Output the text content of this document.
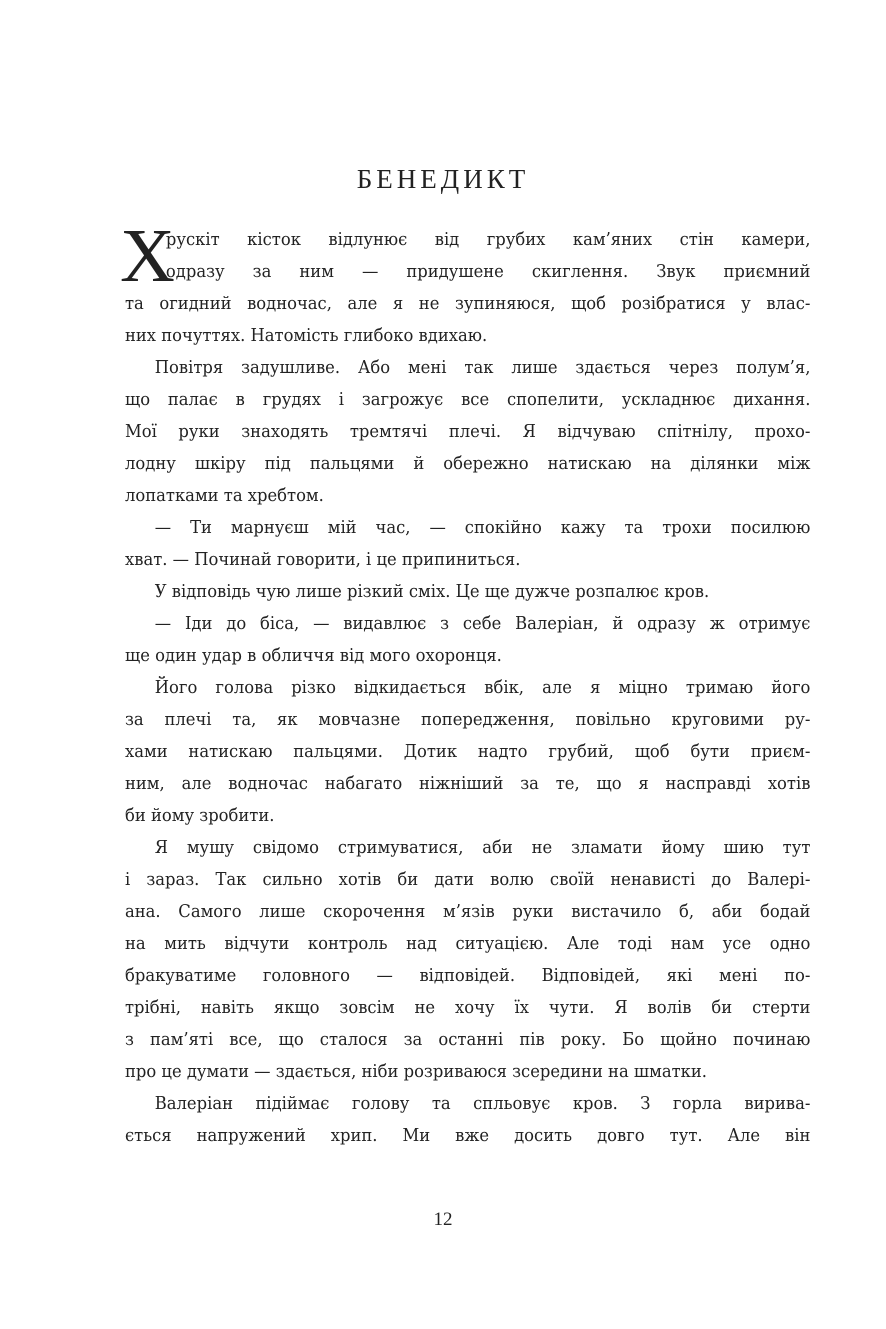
БЕНЕДИКТ
Х
рускіт кісток відлунює від грубих кам’яних стін камери,
одразу за ним — придушене скиглення. Звук приємний
та огидний водночас, але я не зупиняюся, щоб розібратися у влас-
них почуттях. Натомість глибоко вдихаю.
Повітря задушливе. Або мені так лише здається через полум’я,
що палає в грудях і загрожує все спопелити, ускладнює дихання.
Мої руки знаходять тремтячі плечі. Я відчуваю спітнілу, прохо-
лодну шкіру під пальцями й обережно натискаю на ділянки між
лопатками та хребтом.
— Ти марнуєш мій час, — спокійно кажу та трохи посилюю
хват. — Починай говорити, і це припиниться.
У відповідь чую лише різкий сміх. Це ще дужче розпалює кров.
— Іди до біса, — видавлює з себе Валеріан, й одразу ж отримує
ще один удар в обличчя від мого охоронця.
Його голова різко відкидається вбік, але я міцно тримаю його
за плечі та, як мовчазне попередження, повільно круговими ру-
хами натискаю пальцями. Дотик надто грубий, щоб бути приєм-
ним, але водночас набагато ніжніший за те, що я насправді хотів
би йому зробити.
Я мушу свідомо стримуватися, аби не зламати йому шию тут
і зараз. Так сильно хотів би дати волю своїй ненависті до Валері-
ана. Самого лише скорочення м’язів руки вистачило б, аби бодай
на мить відчути контроль над ситуацією. Але тоді нам усе одно
бракуватиме головного — відповідей. Відповідей, які мені по-
трібні, навіть якщо зовсім не хочу їх чути. Я волів би стерти
з пам’яті все, що сталося за останні пів року. Бо щойно починаю
про це думати — здається, ніби розриваюся зсередини на шматки.
Валеріан підіймає голову та спльовує кров. З горла вирива-
ється напружений хрип. Ми вже досить довго тут. Але він
12
